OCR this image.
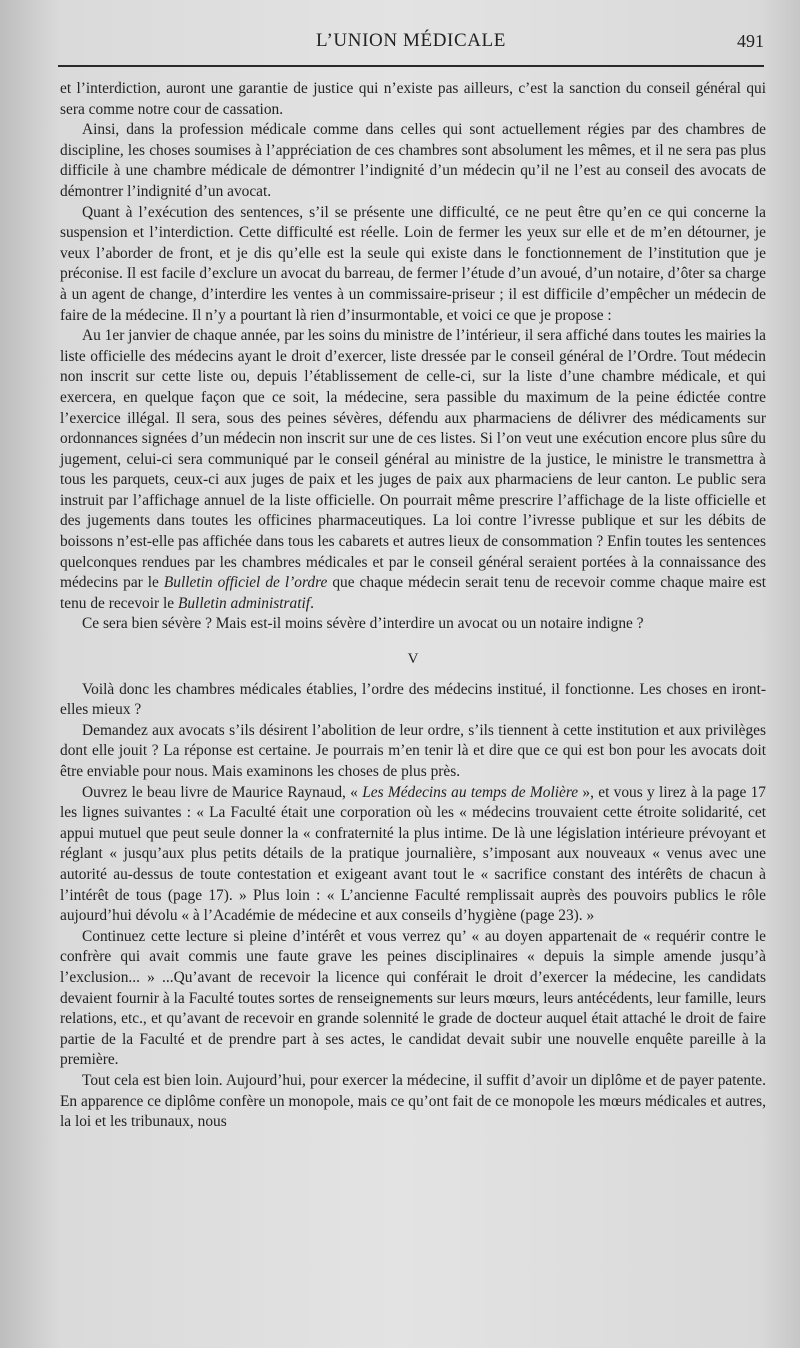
L’UNION MÉDICALE	491

et l’interdiction, auront une garantie de justice qui n’existe pas ailleurs, c’est la sanction du conseil général qui sera comme notre cour de cassation.

Ainsi, dans la profession médicale comme dans celles qui sont actuellement régies par des chambres de discipline, les choses soumises à l’appréciation de ces chambres sont absolument les mêmes, et il ne sera pas plus difficile à une chambre médicale de démontrer l’indignité d’un médecin qu’il ne l’est au conseil des avocats de démontrer l’indignité d’un avocat.

Quant à l’exécution des sentences, s’il se présente une difficulté, ce ne peut être qu’en ce qui concerne la suspension et l’interdiction. Cette difficulté est réelle. Loin de fermer les yeux sur elle et de m’en détourner, je veux l’aborder de front, et je dis qu’elle est la seule qui existe dans le fonctionnement de l’institution que je préconise. Il est facile d’exclure un avocat du barreau, de fermer l’étude d’un avoué, d’un notaire, d’ôter sa charge à un agent de change, d’interdire les ventes à un commissaire-priseur ; il est difficile d’empêcher un médecin de faire de la médecine. Il n’y a pourtant là rien d’insurmontable, et voici ce que je propose :

Au 1er janvier de chaque année, par les soins du ministre de l’intérieur, il sera affiché dans toutes les mairies la liste officielle des médecins ayant le droit d’exercer, liste dressée par le conseil général de l’Ordre. Tout médecin non inscrit sur cette liste ou, depuis l’établissement de celle-ci, sur la liste d’une chambre médicale, et qui exercera, en quelque façon que ce soit, la médecine, sera passible du maximum de la peine édictée contre l’exercice illégal. Il sera, sous des peines sévères, défendu aux pharmaciens de délivrer des médicaments sur ordonnances signées d’un médecin non inscrit sur une de ces listes. Si l’on veut une exécution encore plus sûre du jugement, celui-ci sera communiqué par le conseil général au ministre de la justice, le ministre le transmettra à tous les parquets, ceux-ci aux juges de paix et les juges de paix aux pharmaciens de leur canton. Le public sera instruit par l’affichage annuel de la liste officielle. On pourrait même prescrire l’affichage de la liste officielle et des jugements dans toutes les officines pharmaceutiques. La loi contre l’ivresse publique et sur les débits de boissons n’est-elle pas affichée dans tous les cabarets et autres lieux de consommation ? Enfin toutes les sentences quelconques rendues par les chambres médicales et par le conseil général seraient portées à la connaissance des médecins par le Bulletin officiel de l’ordre que chaque médecin serait tenu de recevoir comme chaque maire est tenu de recevoir le Bulletin administratif.

Ce sera bien sévère ? Mais est-il moins sévère d’interdire un avocat ou un notaire indigne ?

V

Voilà donc les chambres médicales établies, l’ordre des médecins institué, il fonctionne. Les choses en iront-elles mieux ?

Demandez aux avocats s’ils désirent l’abolition de leur ordre, s’ils tiennent à cette institution et aux privilèges dont elle jouit ? La réponse est certaine. Je pourrais m’en tenir là et dire que ce qui est bon pour les avocats doit être enviable pour nous. Mais examinons les choses de plus près.

Ouvrez le beau livre de Maurice Raynaud, « Les Médecins au temps de Molière », et vous y lirez à la page 17 les lignes suivantes : « La Faculté était une corporation où les « médecins trouvaient cette étroite solidarité, cet appui mutuel que peut seule donner la « confraternité la plus intime. De là une législation intérieure prévoyant et réglant « jusqu’aux plus petits détails de la pratique journalière, s’imposant aux nouveaux « venus avec une autorité au-dessus de toute contestation et exigeant avant tout le « sacrifice constant des intérêts de chacun à l’intérêt de tous (page 17). » Plus loin : « L’ancienne Faculté remplissait auprès des pouvoirs publics le rôle aujourd’hui dévolu « à l’Académie de médecine et aux conseils d’hygiène (page 23). »

Continuez cette lecture si pleine d’intérêt et vous verrez qu’ « au doyen appartenait de « requérir contre le confrère qui avait commis une faute grave les peines disciplinaires « depuis la simple amende jusqu’à l’exclusion... » ...Qu’avant de recevoir la licence qui conférait le droit d’exercer la médecine, les candidats devaient fournir à la Faculté toutes sortes de renseignements sur leurs mœurs, leurs antécédents, leur famille, leurs relations, etc., et qu’avant de recevoir en grande solennité le grade de docteur auquel était attaché le droit de faire partie de la Faculté et de prendre part à ses actes, le candidat devait subir une nouvelle enquête pareille à la première.

Tout cela est bien loin. Aujourd’hui, pour exercer la médecine, il suffit d’avoir un diplôme et de payer patente. En apparence ce diplôme confère un monopole, mais ce qu’ont fait de ce monopole les mœurs médicales et autres, la loi et les tribunaux, nous
